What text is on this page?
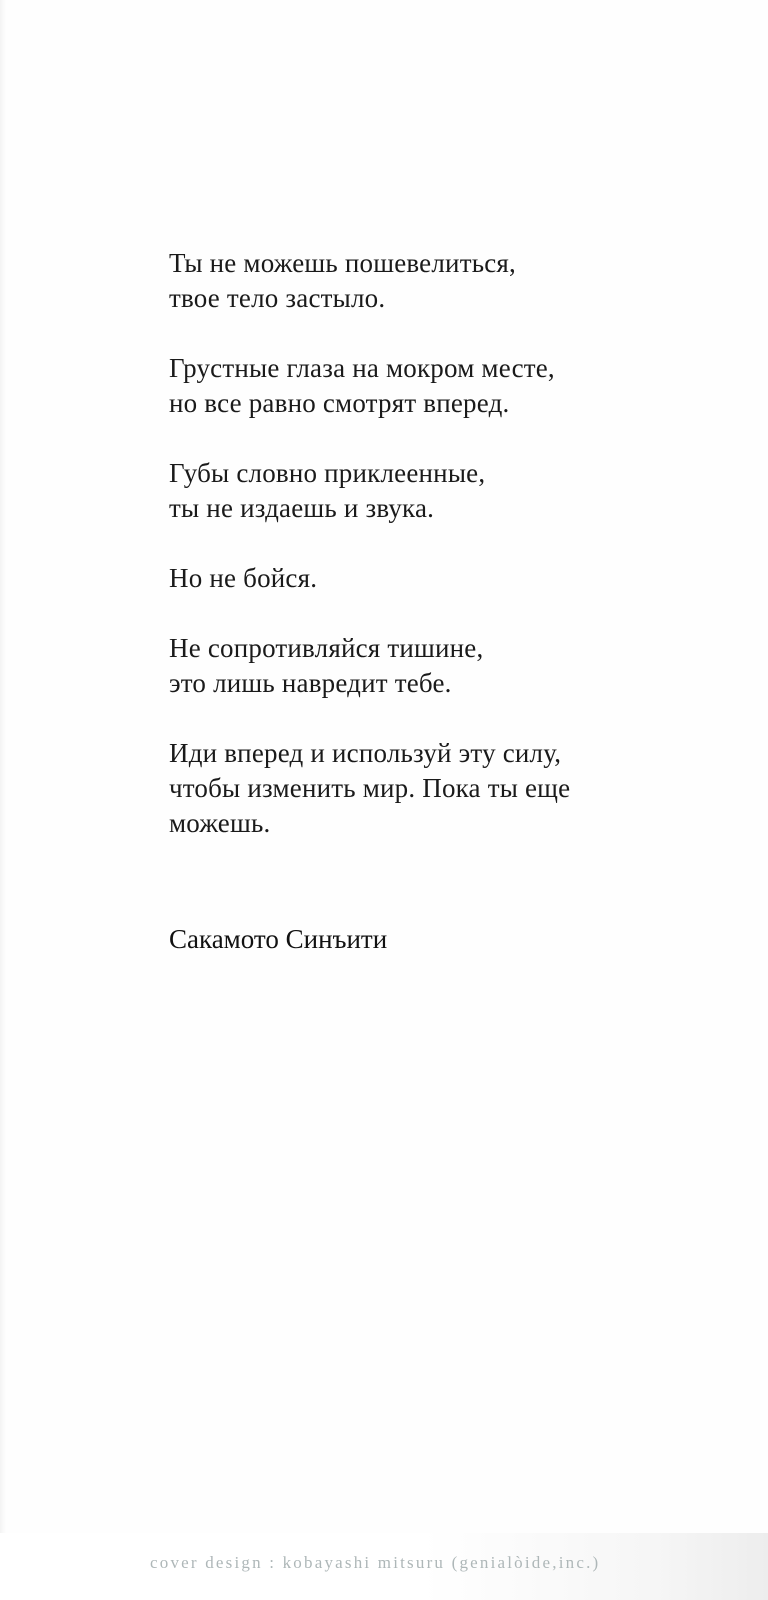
Ты не можешь пошевелиться,
твое тело застыло.
Грустные глаза на мокром месте,
но все равно смотрят вперед.
Губы словно приклеенные,
ты не издаешь и звука.
Но не бойся.
Не сопротивляйся тишине,
это лишь навредит тебе.
Иди вперед и используй эту силу,
чтобы изменить мир. Пока ты еще
можешь.
Сакамото Синъити
cover design : kobayashi mitsuru (genialòide,inc.)
